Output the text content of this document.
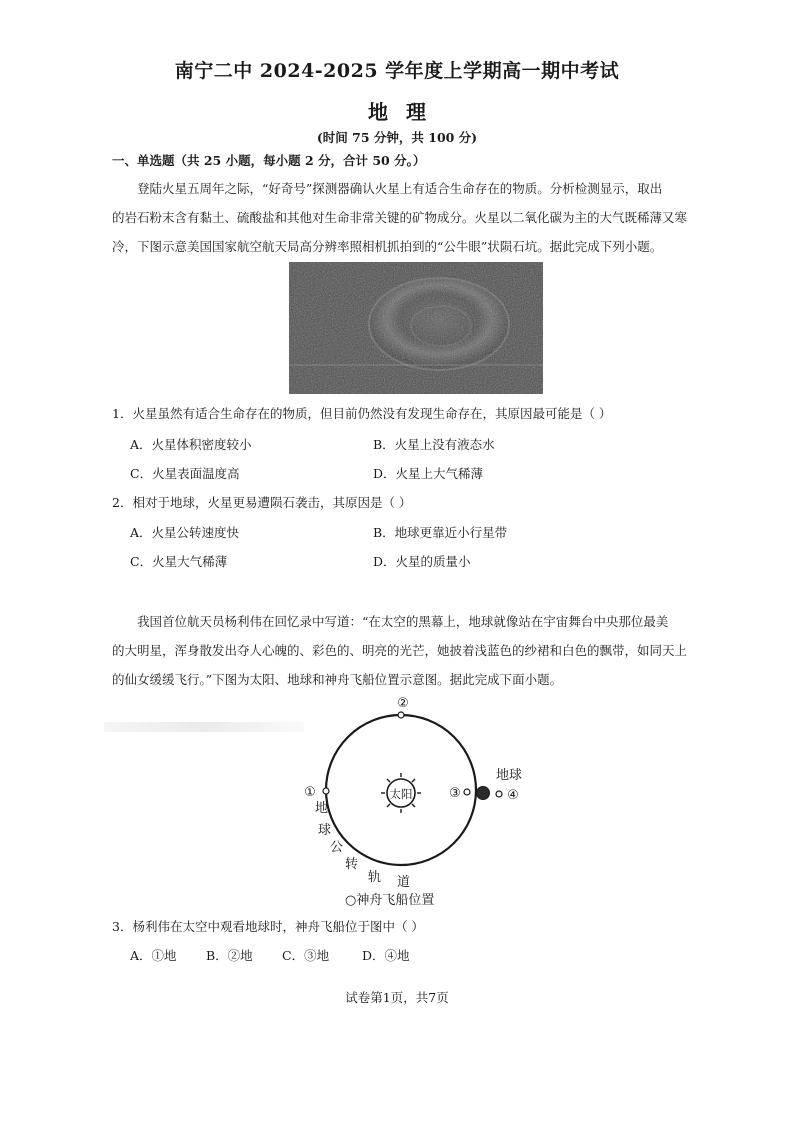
南宁二中 2024-2025 学年度上学期高一期中考试
地理
(时间 75 分钟，共 100 分)
一、单选题（共 25 小题，每小题 2 分，合计 50 分。）
登陆火星五周年之际，“好奇号”探测器确认火星上有适合生命存在的物质。分析检测显示，取出
的岩石粉末含有黏土、硫酸盐和其他对生命非常关键的矿物成分。火星以二氧化碳为主的大气既稀薄又寒
冷，下图示意美国国家航空航天局高分辨率照相机抓拍到的“公牛眼”状陨石坑。据此完成下列小题。
1．火星虽然有适合生命存在的物质，但目前仍然没有发现生命存在，其原因最可能是（ ）
A．火星体积密度较小	B．火星上没有液态水
C．火星表面温度高	D．火星上大气稀薄
2．相对于地球，火星更易遭陨石袭击，其原因是（ ）
A．火星公转速度快	B．地球更靠近小行星带
C．火星大气稀薄	D．火星的质量小
我国首位航天员杨利伟在回忆录中写道：“在太空的黑幕上，地球就像站在宇宙舞台中央那位最美
的大明星，浑身散发出夺人心魄的、彩色的、明亮的光芒，她披着浅蓝色的纱裙和白色的飘带，如同天上
的仙女缓缓飞行。”下图为太阳、地球和神舟飞船位置示意图。据此完成下面小题。
太阳
②
①
地球
③	④
地
球
公
转
轨 道
○神舟飞船位置
3．杨利伟在太空中观看地球时，神舟飞船位于图中（ ）
A．①地 B．②地 C．③地	D．④地
试卷第1页，共7页
